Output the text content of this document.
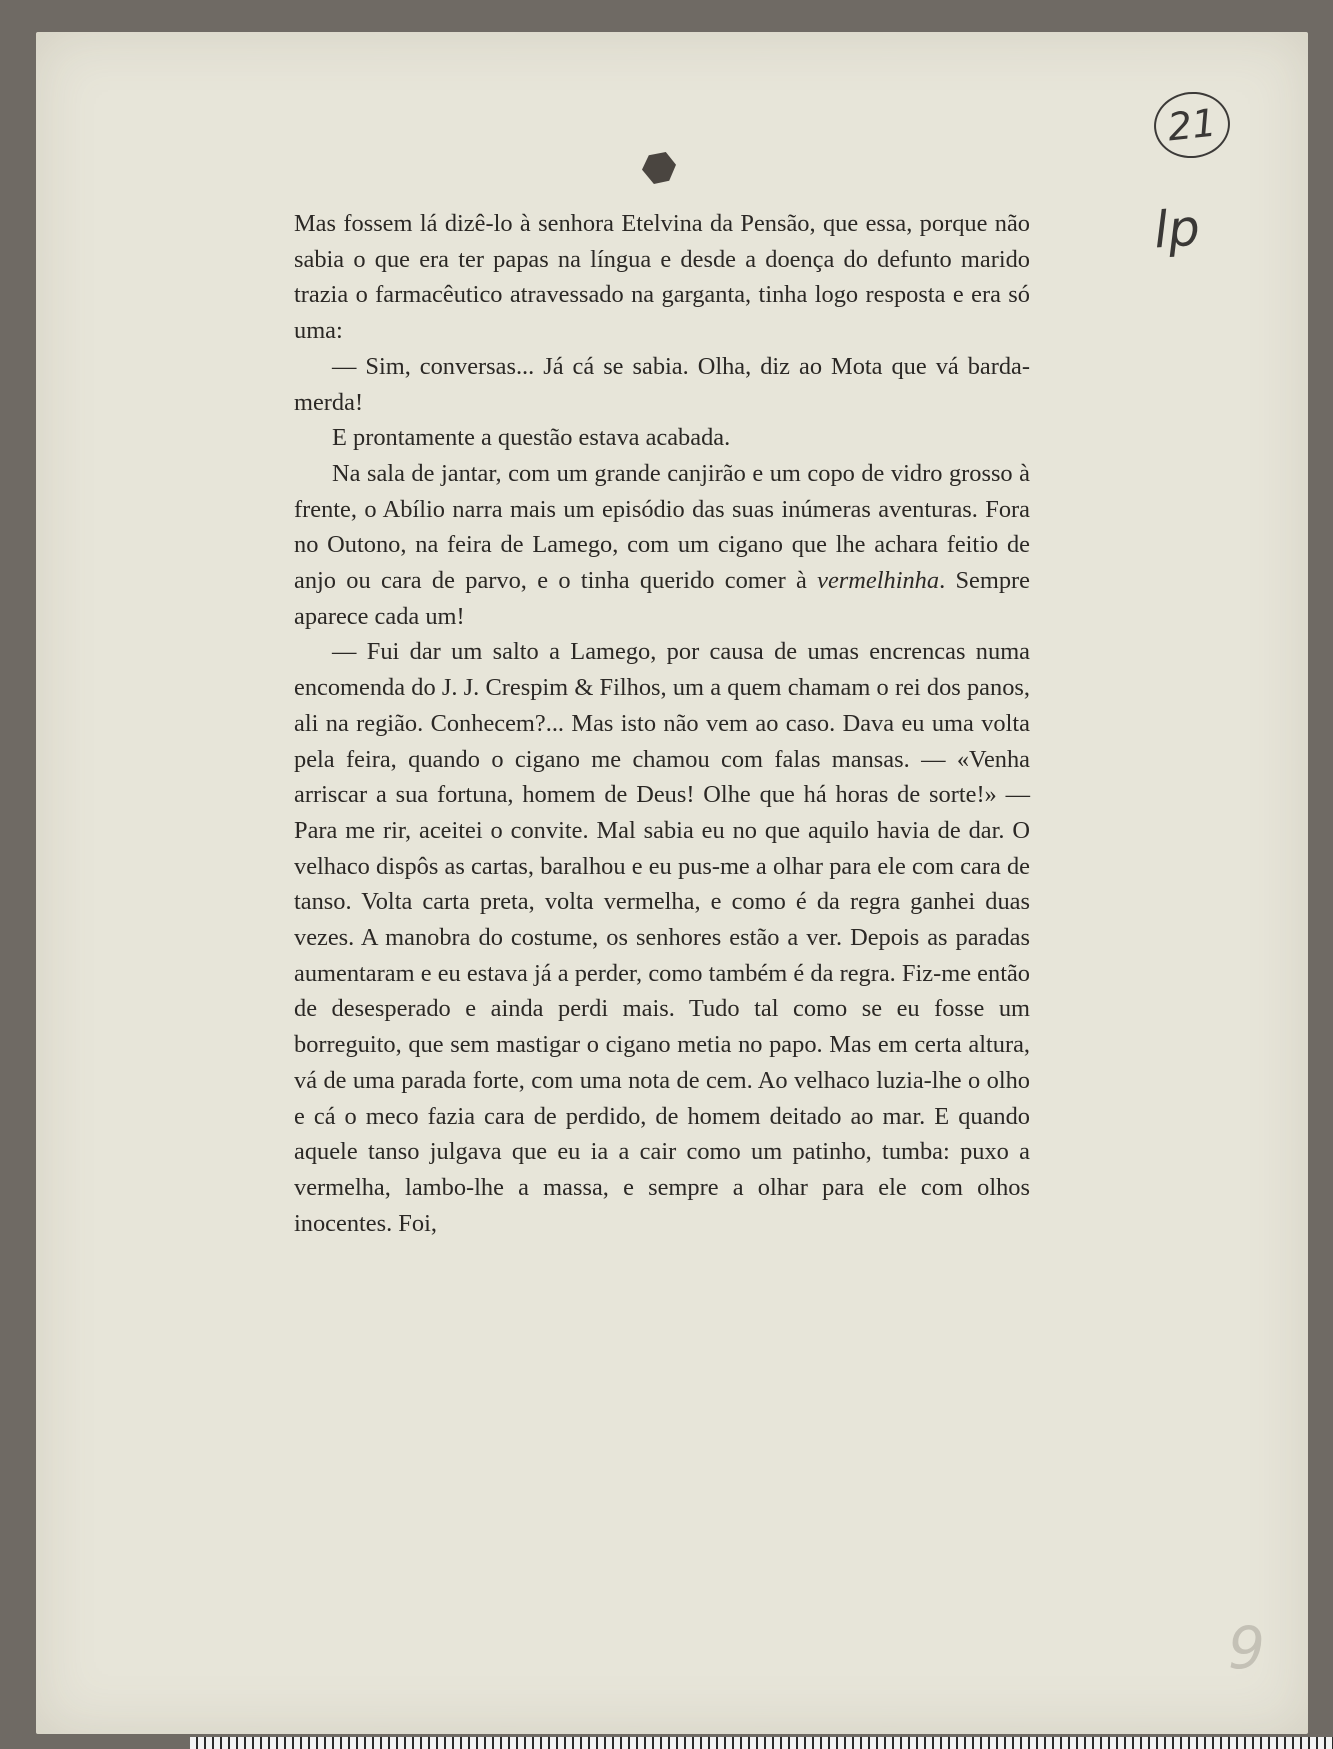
21
lp
9

Mas fossem lá dizê-lo à senhora Etelvina da Pensão, que essa, porque não sabia o que era ter papas na língua e desde a doença do defunto marido trazia o farmacêutico atravessado na garganta, tinha logo resposta e era só uma:

— Sim, conversas... Já cá se sabia. Olha, diz ao Mota que vá barda-merda!

E prontamente a questão estava acabada.

Na sala de jantar, com um grande canjirão e um copo de vidro grosso à frente, o Abílio narra mais um episódio das suas inúmeras aventuras. Fora no Outono, na feira de Lamego, com um cigano que lhe achara feitio de anjo ou cara de parvo, e o tinha querido comer à vermelhinha. Sempre aparece cada um!

— Fui dar um salto a Lamego, por causa de umas encrencas numa encomenda do J. J. Crespim & Filhos, um a quem chamam o rei dos panos, ali na região. Conhecem?... Mas isto não vem ao caso. Dava eu uma volta pela feira, quando o cigano me chamou com falas mansas. — «Venha arriscar a sua fortuna, homem de Deus! Olhe que há horas de sorte!» — Para me rir, aceitei o convite. Mal sabia eu no que aquilo havia de dar. O velhaco dispôs as cartas, baralhou e eu pus-me a olhar para ele com cara de tanso. Volta carta preta, volta vermelha, e como é da regra ganhei duas vezes. A manobra do costume, os senhores estão a ver. Depois as paradas aumentaram e eu estava já a perder, como também é da regra. Fiz-me então de desesperado e ainda perdi mais. Tudo tal como se eu fosse um borreguito, que sem mastigar o cigano metia no papo. Mas em certa altura, vá de uma parada forte, com uma nota de cem. Ao velhaco luzia-lhe o olho e cá o meco fazia cara de perdido, de homem deitado ao mar. E quando aquele tanso julgava que eu ia a cair como um patinho, tumba: puxo a vermelha, lambo-lhe a massa, e sempre a olhar para ele com olhos inocentes. Foi,
